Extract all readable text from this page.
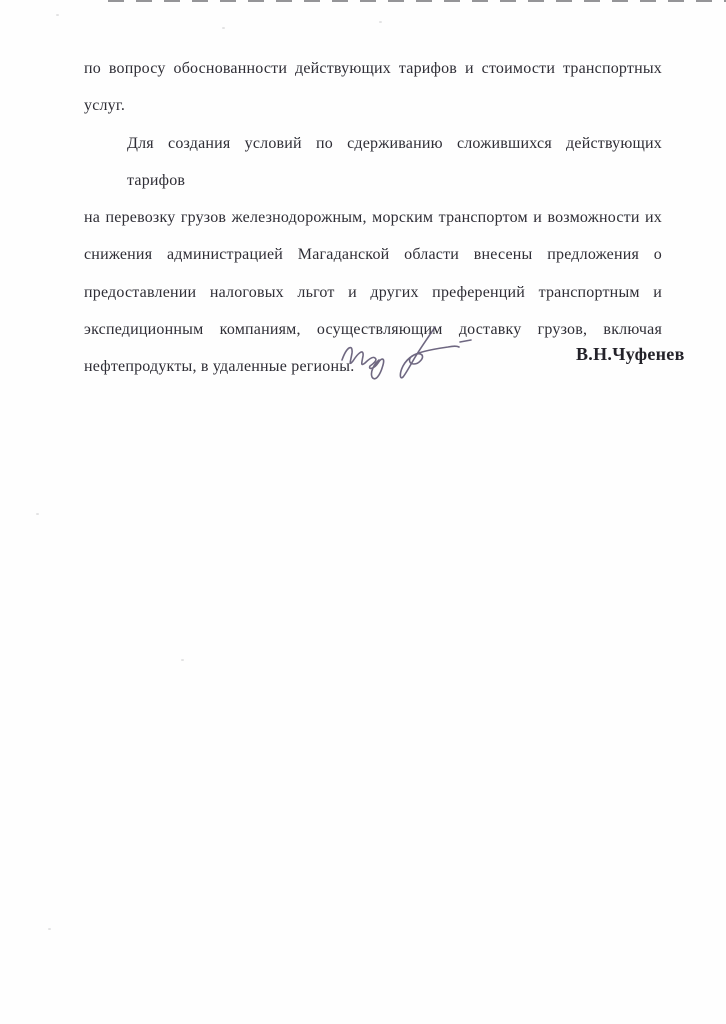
по вопросу обоснованности действующих тарифов и стоимости транспортных
услуг.
Для создания условий по сдерживанию сложившихся действующих тарифов
на перевозку грузов железнодорожным, морским транспортом и возможности их
снижения администрацией Магаданской области внесены предложения о
предоставлении налоговых льгот и других преференций транспортным и
экспедиционным компаниям, осуществляющим доставку грузов, включая
нефтепродукты, в удаленные регионы.
В.Н.Чуфенев
